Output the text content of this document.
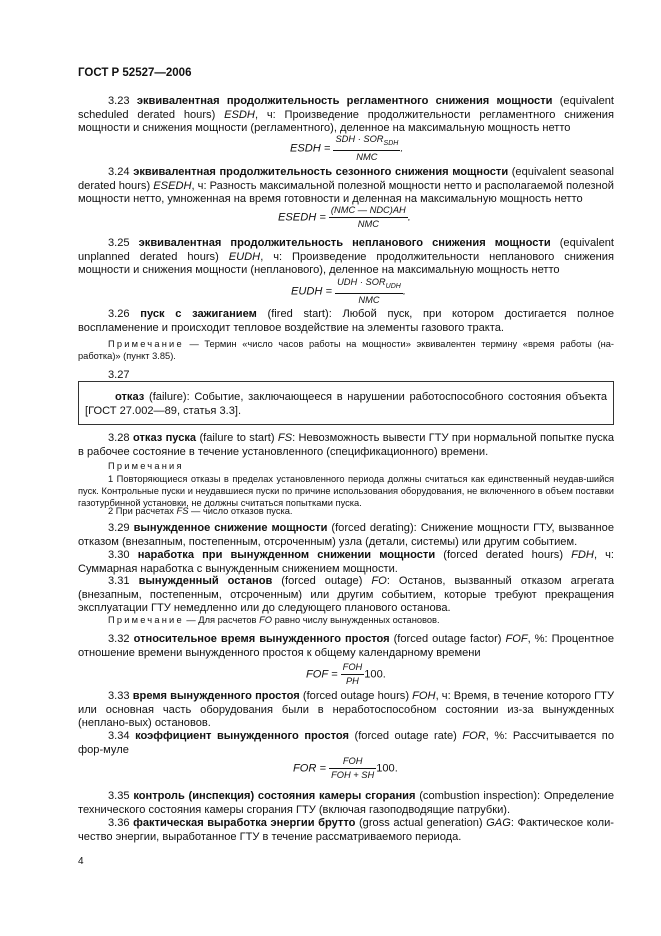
ГОСТ Р 52527—2006
3.23 эквивалентная продолжительность регламентного снижения мощности (equivalent scheduled derated hours) ESDH, ч: Произведение продолжительности регламентного снижения мощности и снижения мощности (регламентного), деленное на максимальную мощность нетто
ESDH = $\frac{SDH \cdot SOR_{SDH}}{\text{NMC}}$ .
3.24 эквивалентная продолжительность сезонного снижения мощности (equivalent seasonal derated hours) ESEDH, ч: Разность максимальной полезной мощности нетто и располагаемой полезной мощности нетто, умноженная на время готовности и деленная на максимальную мощность нетто
ESEDH = $\frac{\text{(NMC — NDC)AH}}{\text{NMC}}$ .
3.25 эквивалентная продолжительность непланового снижения мощности (equivalent unplanned derated hours) EUDH, ч: Произведение продолжительности непланового снижения мощности и снижения мощности (непланового), деленное на максимальную мощность нетто
EUDH = $\frac{UDH \cdot SOR_{UDH}}{\text{NMC}}$ .
3.26 пуск с зажиганием (fired start): Любой пуск, при котором достигается полное воспламенение и происходит тепловое воздействие на элементы газового тракта.
Примечание — Термин «число часов работы на мощности» эквивалентен термину «время работы (на-работка)» (пункт 3.85).
3.27
отказ (failure): Событие, заключающееся в нарушении работоспособного состояния объекта [ГОСТ 27.002—89, статья 3.3].
3.28 отказ пуска (failure to start) FS: Невозможность вывести ГТУ при нормальной попытке пуска в рабочее состояние в течение установленного (спецификационного) времени.
Примечания
1 Повторяющиеся отказы в пределах установленного периода должны считаться как единственный неудав-шийся пуск. Контрольные пуски и неудавшиеся пуски по причине использования оборудования, не включенного в объем поставки газотурбинной установки, не должны считаться попытками пуска.
2 При расчетах FS — число отказов пуска.
3.29 вынужденное снижение мощности (forced derating): Снижение мощности ГТУ, вызванное отказом (внезапным, постепенным, отсроченным) узла (детали, системы) или другим событием.
3.30 наработка при вынужденном снижении мощности (forced derated hours) FDH, ч: Суммарная наработка с вынужденным снижением мощности.
3.31 вынужденный останов (forced outage) FO: Останов, вызванный отказом агрегата (внезапным, постепенным, отсроченным) или другим событием, которые требуют прекращения эксплуатации ГТУ немедленно или до следующего планового останова.
Примечание — Для расчетов FO равно числу вынужденных остановов.
3.32 относительное время вынужденного простоя (forced outage factor) FOF, %: Процентное отношение времени вынужденного простоя к общему календарному времени
FOF = $\frac{\text{FOH}}{PH} 100$.
3.33 время вынужденного простоя (forced outage hours) FOH, ч: Время, в течение которого ГТУ или основная часть оборудования были в неработоспособном состоянии из-за вынужденных (неплано-вых) остановов.
3.34 коэффициент вынужденного простоя (forced outage rate) FOR, %: Рассчитывается по фор-муле
FOR = $\frac{\text{FOH}}{\text{FOH + SH}} 100$.
3.35 контроль (инспекция) состояния камеры сгорания (combustion inspection): Определение технического состояния камеры сгорания ГТУ (включая газоподводящие патрубки).
3.36 фактическая выработка энергии брутто (gross actual generation) GAG: Фактическое коли-чество энергии, выработанное ГТУ в течение рассматриваемого периода.
4
